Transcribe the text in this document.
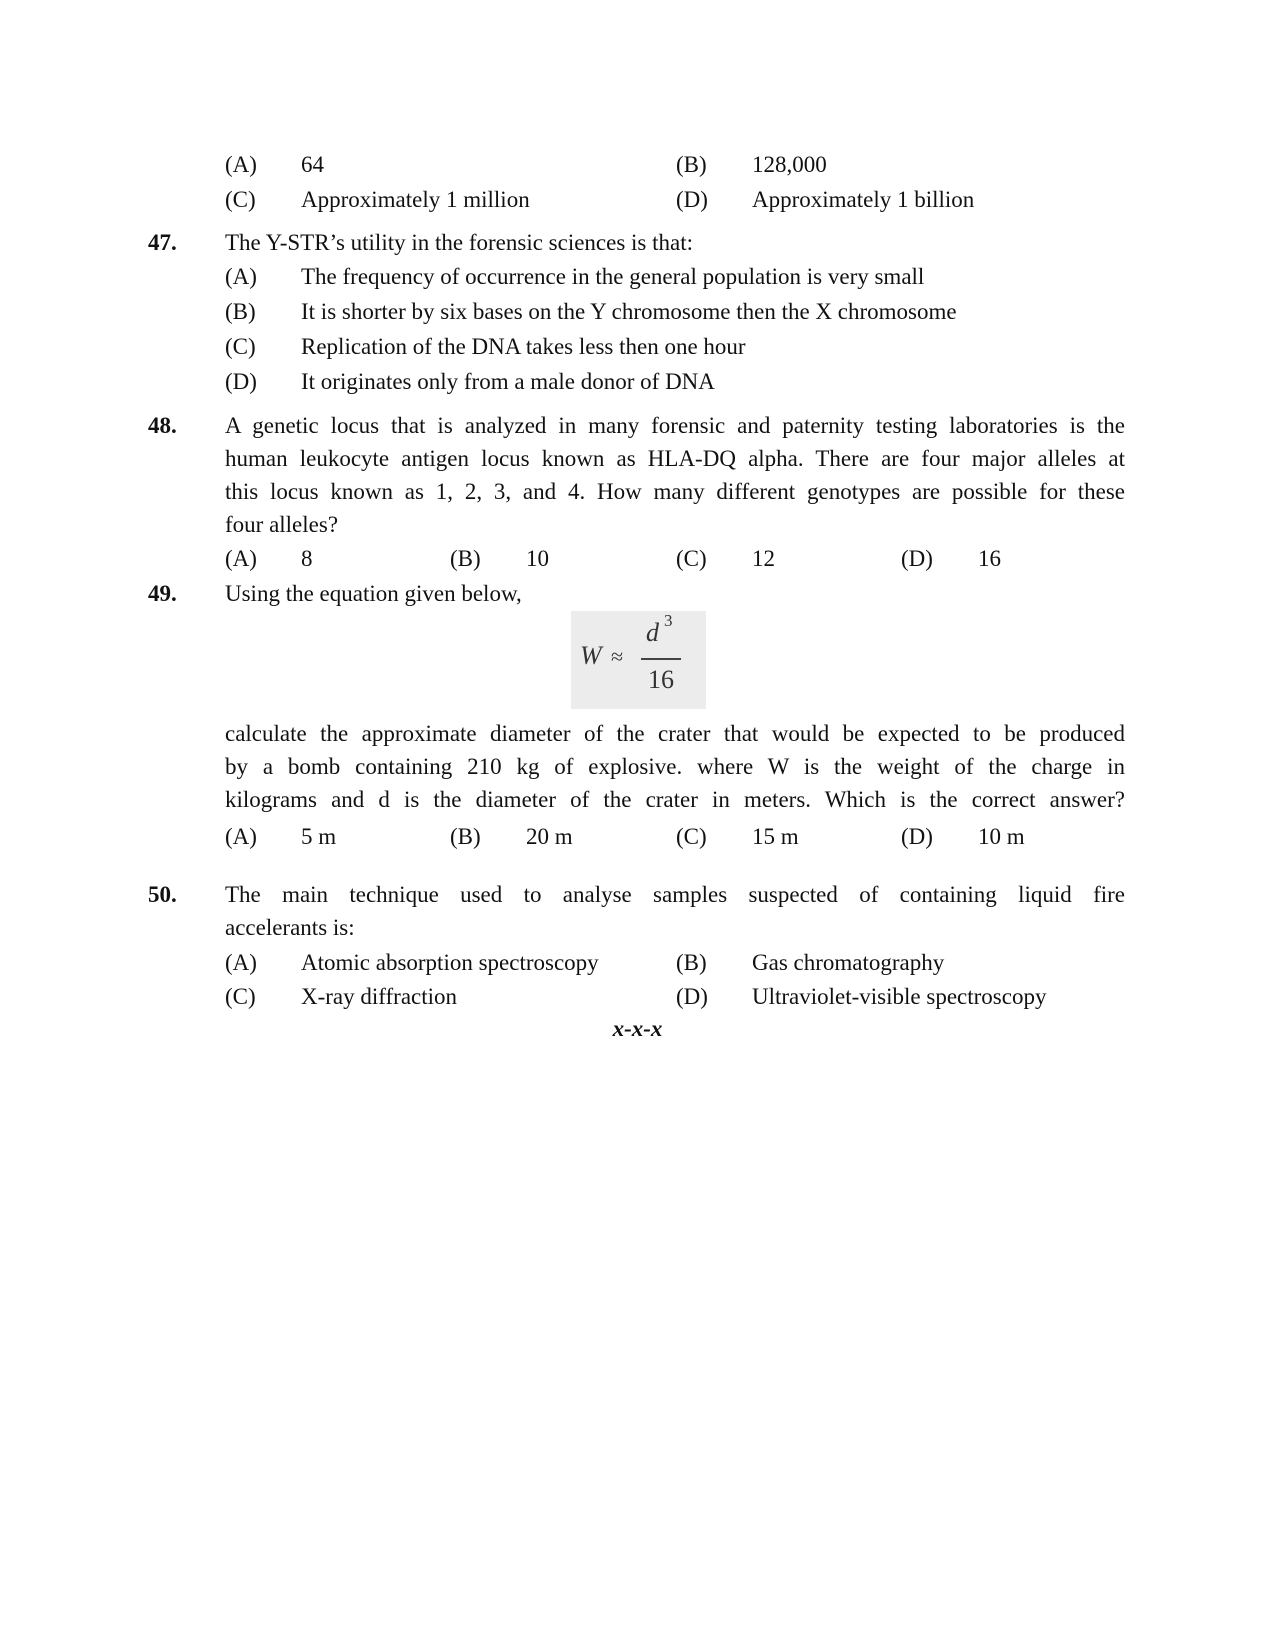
(A) 64	(B) 128,000
(C) Approximately 1 million	(D) Approximately 1 billion
47. The Y-STR’s utility in the forensic sciences is that:
(A) The frequency of occurrence in the general population is very small
(B) It is shorter by six bases on the Y chromosome then the X chromosome
(C) Replication of the DNA takes less then one hour
(D) It originates only from a male donor of DNA
48. A genetic locus that is analyzed in many forensic and paternity testing laboratories is the
human leukocyte antigen locus known as HLA-DQ alpha. There are four major alleles at
this locus known as 1, 2, 3, and 4. How many different genotypes are possible for these
four alleles?
(A) 8	(B) 10	(C) 12	(D) 16
49. Using the equation given below,
W ≈
d 3
16
calculate the approximate diameter of the crater that would be expected to be produced
by a bomb containing 210 kg of explosive. where W is the weight of the charge in
kilograms and d is the diameter of the crater in meters. Which is the correct answer?
(A) 5 m	(B) 20 m	(C) 15 m	(D) 10 m
50. The main technique used to analyse samples suspected of containing liquid fire
accelerants is:
(A) Atomic absorption spectroscopy	(B) Gas chromatography
(C) X-ray diffraction	(D) Ultraviolet-visible spectroscopy
x-x-x
